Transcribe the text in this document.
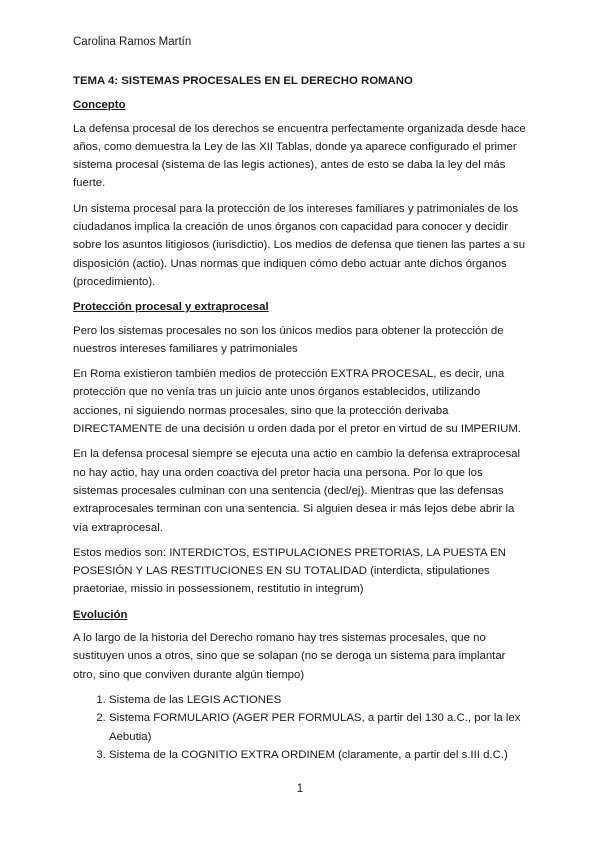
Carolina Ramos Martín
TEMA 4: SISTEMAS PROCESALES EN EL DERECHO ROMANO
Concepto

La defensa procesal de los derechos se encuentra perfectamente organizada desde hace años, como demuestra la Ley de las XII Tablas, donde ya aparece configurado el primer sistema procesal (sistema de las legis actiones), antes de esto se daba la ley del más fuerte.

Un sistema procesal para la protección de los intereses familiares y patrimoniales de los ciudadanos implica la creación de unos órganos con capacidad para conocer y decidir sobre los asuntos litigiosos (iurisdictio). Los medios de defensa que tienen las partes a su disposición (actio). Unas normas que indiquen cómo debo actuar ante dichos órganos (procedimiento).

Protección procesal y extraprocesal

Pero los sistemas procesales no son los únicos medios para obtener la protección de nuestros intereses familiares y patrimoniales

En Roma existieron también medios de protección EXTRA PROCESAL, es decir, una protección que no venía tras un juicio ante unos órganos establecidos, utilizando acciones, ni siguiendo normas procesales, sino que la protección derivaba DIRECTAMENTE de una decisión u orden dada por el pretor en virtud de su IMPERIUM.

En la defensa procesal siempre se ejecuta una actio en cambio la defensa extraprocesal no hay actio, hay una orden coactiva del pretor hacia una persona. Por lo que los sistemas procesales culminan con una sentencia (decl/ej). Mientras que las defensas extraprocesales terminan con una sentencia. Si alguien desea ir más lejos debe abrir la vía extraprocesal.

Estos medios son: INTERDICTOS, ESTIPULACIONES PRETORIAS, LA PUESTA EN POSESIÓN Y LAS RESTITUCIONES EN SU TOTALIDAD (interdicta, stipulationes praetoriae, missio in possessionem, restitutio in integrum)

Evolución

A lo largo de la historia del Derecho romano hay tres sistemas procesales, que no sustituyen unos a otros, sino que se solapan (no se deroga un sistema para implantar otro, sino que conviven durante algún tiempo)

1. Sistema de las LEGIS ACTIONES
2. Sistema FORMULARIO (AGER PER FORMULAS, a partir del 130 a.C., por la lex Aebutia)
3. Sistema de la COGNITIO EXTRA ORDINEM (claramente, a partir del s.III d.C.)
1
